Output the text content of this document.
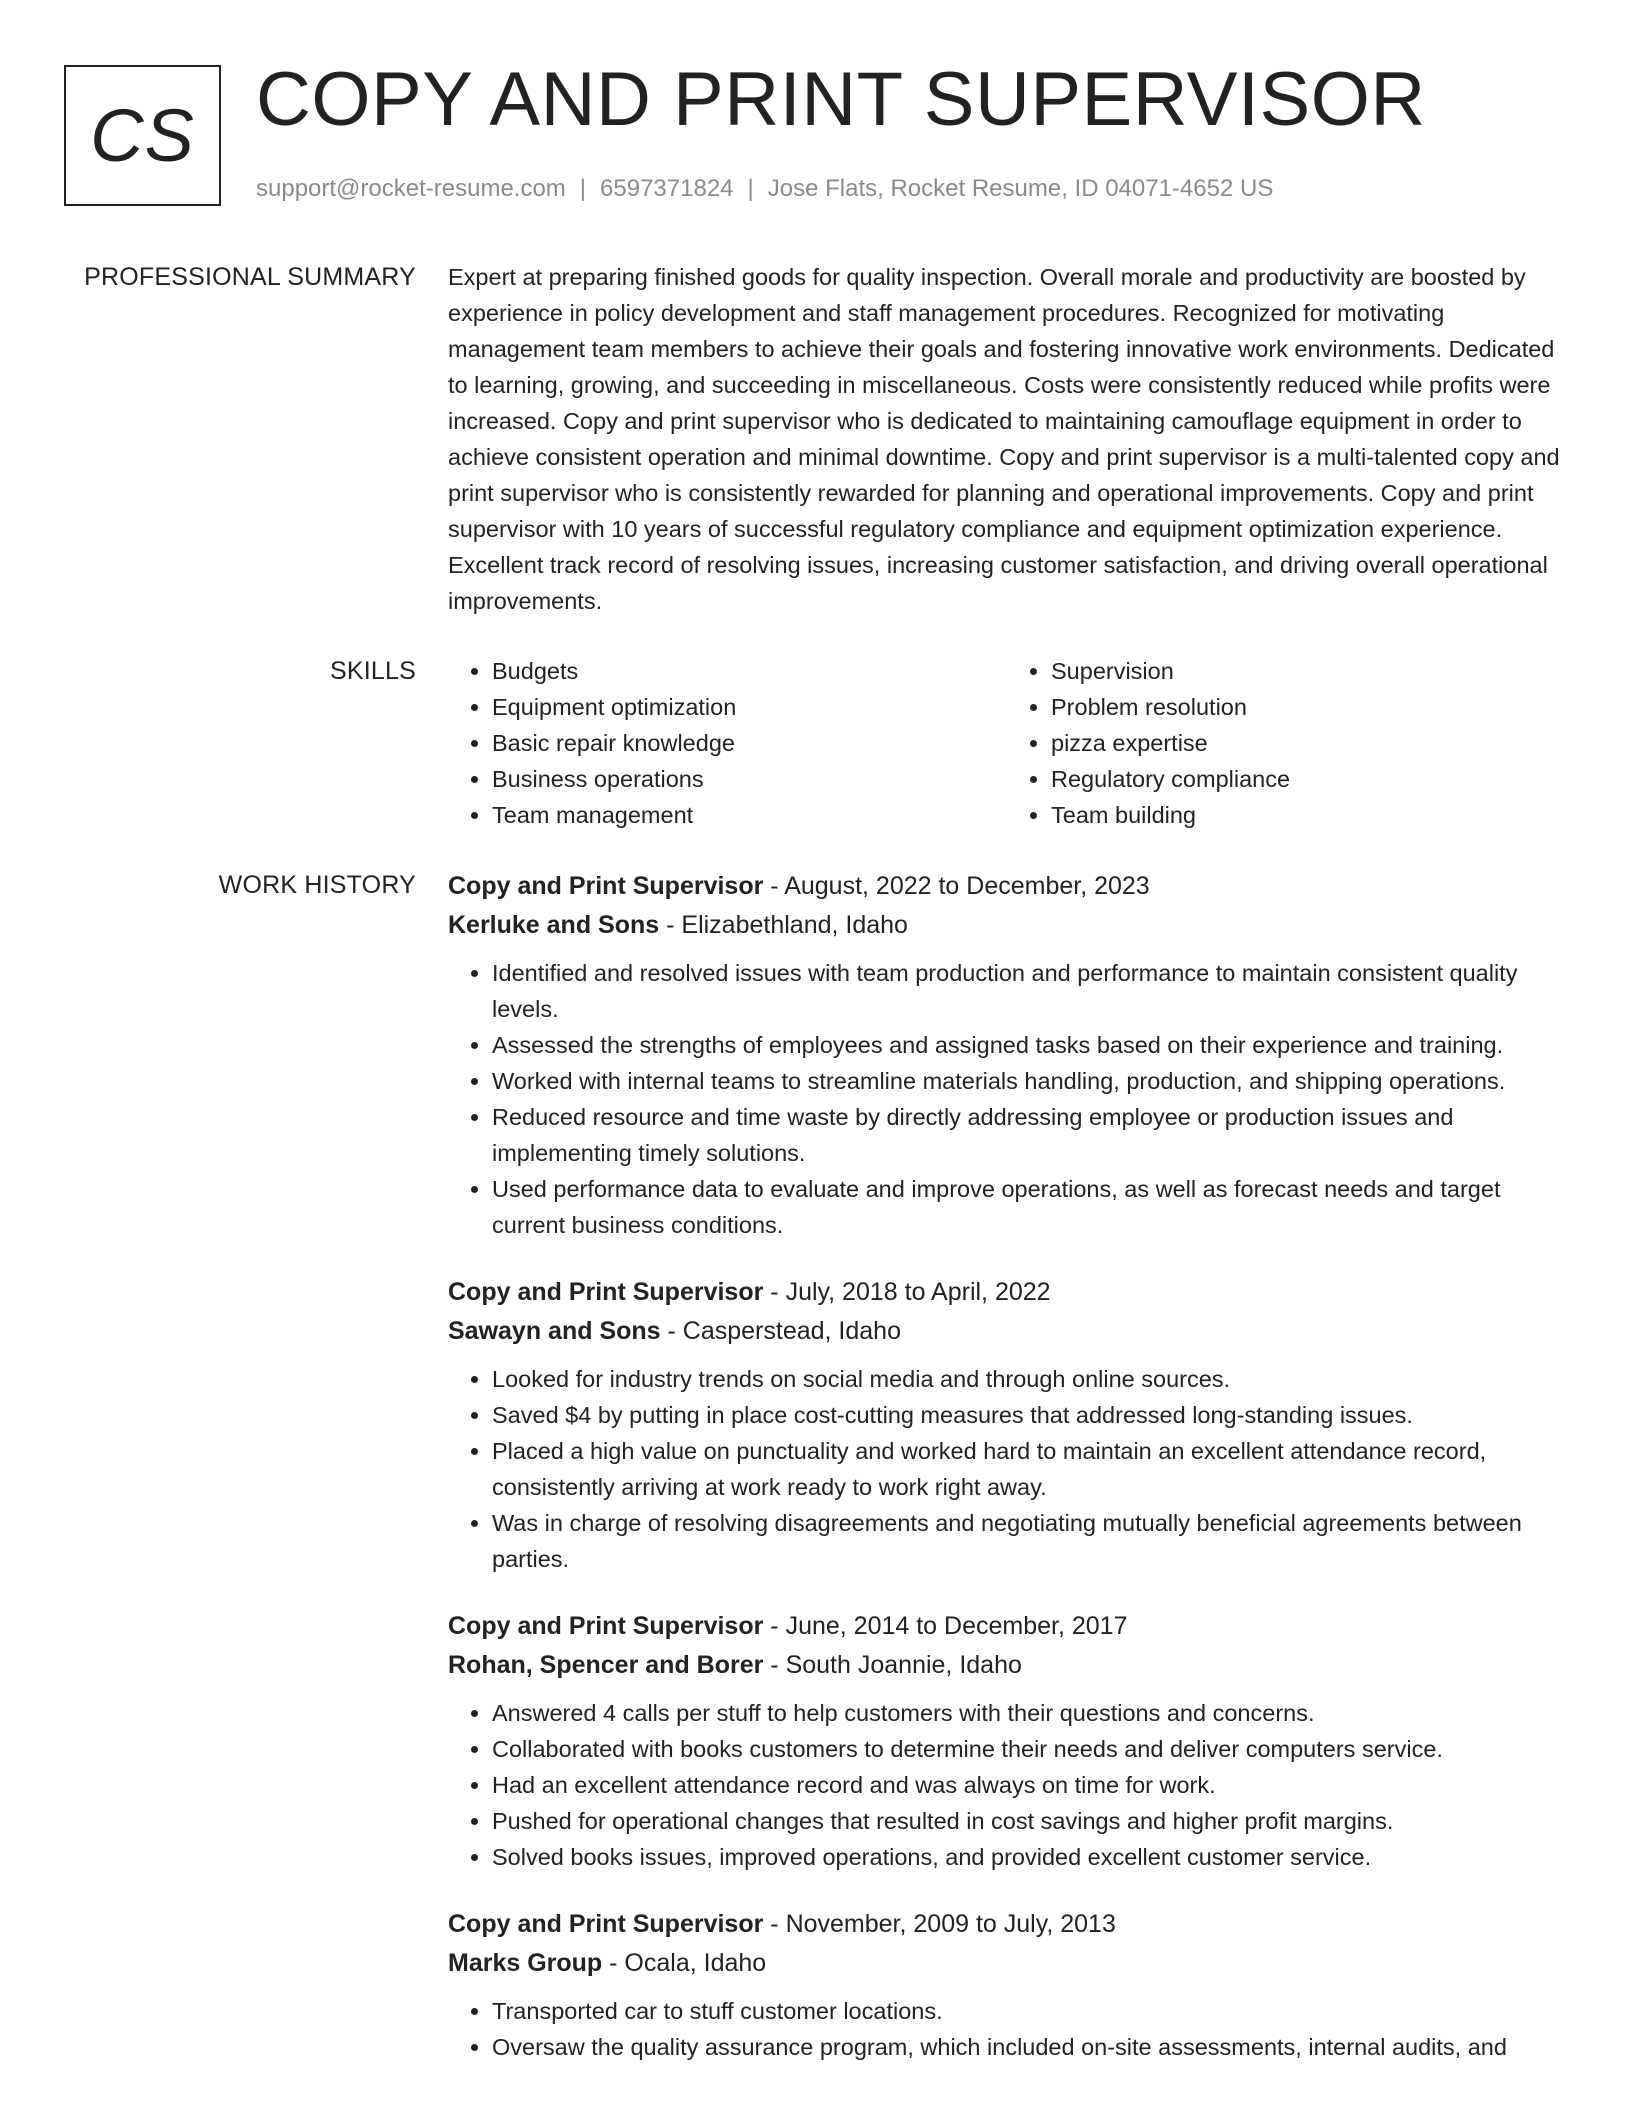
CS COPY AND PRINT SUPERVISOR
support@rocket-resume.com | 6597371824 | Jose Flats, Rocket Resume, ID 04071-4652 US
PROFESSIONAL SUMMARY Expert at preparing finished goods for quality inspection. Overall morale and productivity are boosted by experience in policy development and staff management procedures. Recognized for motivating management team members to achieve their goals and fostering innovative work environments. Dedicated to learning, growing, and succeeding in miscellaneous. Costs were consistently reduced while profits were increased. Copy and print supervisor who is dedicated to maintaining camouflage equipment in order to achieve consistent operation and minimal downtime. Copy and print supervisor is a multi-talented copy and print supervisor who is consistently rewarded for planning and operational improvements. Copy and print supervisor with 10 years of successful regulatory compliance and equipment optimization experience. Excellent track record of resolving issues, increasing customer satisfaction, and driving overall operational improvements.

SKILLS
•	Budgets
• Equipment optimization
• Basic repair knowledge
• Business operations
• Team management
• Supervision
• Problem resolution
• pizza expertise
• Regulatory compliance
• Team building
WORK HISTORY Copy and Print Supervisor - August, 2022 to December, 2023
Kerluke and Sons - Elizabethland, Idaho
• Identified and resolved issues with team production and performance to maintain consistent quality levels.
• Assessed the strengths of employees and assigned tasks based on their experience and training.
• Worked with internal teams to streamline materials handling, production, and shipping operations.
• Reduced resource and time waste by directly addressing employee or production issues and implementing timely solutions.
• Used performance data to evaluate and improve operations, as well as forecast needs and target current business conditions.
Copy and Print Supervisor - July, 2018 to April, 2022
Sawayn and Sons - Casperstead, Idaho
• Looked for industry trends on social media and through online sources.
• Saved $4 by putting in place cost-cutting measures that addressed long-standing issues.
• Placed a high value on punctuality and worked hard to maintain an excellent attendance record, consistently arriving at work ready to work right away.
• Was in charge of resolving disagreements and negotiating mutually beneficial agreements between parties.
Copy and Print Supervisor - June, 2014 to December, 2017
Rohan, Spencer and Borer - South Joannie, Idaho
• Answered 4 calls per stuff to help customers with their questions and concerns.
• Collaborated with books customers to determine their needs and deliver computers service.
• Had an excellent attendance record and was always on time for work.
• Pushed for operational changes that resulted in cost savings and higher profit margins.
• Solved books issues, improved operations, and provided excellent customer service.
Copy and Print Supervisor - November, 2009 to July, 2013
Marks Group - Ocala, Idaho
• Transported car to stuff customer locations.
• Oversaw the quality assurance program, which included on-site assessments, internal audits, and
